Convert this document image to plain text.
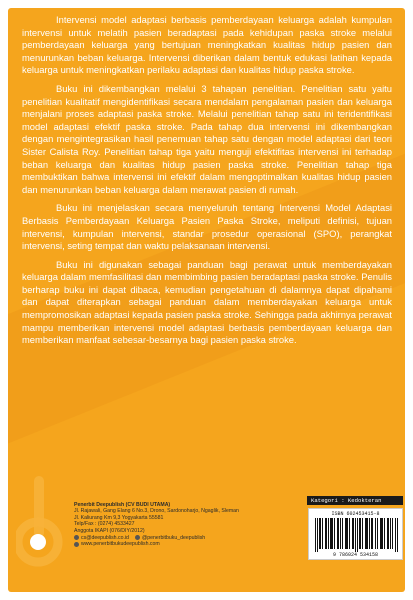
Intervensi model adaptasi berbasis pemberdayaan keluarga adalah kumpulan intervensi untuk melatih pasien beradaptasi pada kehidupan paska stroke melalui pemberdayaan keluarga yang bertujuan meningkatkan kualitas hidup pasien dan menurunkan beban keluarga. Intervensi diberikan dalam bentuk edukasi latihan kepada keluarga untuk meningkatkan perilaku adaptasi dan kualitas hidup paska stroke.

Buku ini dikembangkan melalui 3 tahapan penelitian. Penelitian satu yaitu penelitian kualitatif mengidentifikasi secara mendalam pengalaman pasien dan keluarga menjalani proses adaptasi paska stroke. Melalui penelitian tahap satu ini teridentifikasi model adaptasi efektif paska stroke. Pada tahap dua intervensi ini dikembangkan dengan mengintegrasikan hasil penemuan tahap satu dengan model adaptasi dari teori Sister Calista Roy. Penelitian tahap tiga yaitu menguji efektifitas intervensi ini terhadap beban keluarga dan kualitas hidup pasien paska stroke. Penelitian tahap tiga membuktikan bahwa intervensi ini efektif dalam mengoptimalkan kualitas hidup pasien dan menurunkan beban keluarga dalam merawat pasien di rumah.

Buku ini menjelaskan secara menyeluruh tentang Intervensi Model Adaptasi Berbasis Pemberdayaan Keluarga Pasien Paska Stroke, meliputi definisi, tujuan intervensi, kumpulan intervensi, standar prosedur operasional (SPO), perangkat intervensi, seting tempat dan waktu pelaksanaan intervensi.

Buku ini digunakan sebagai panduan bagi perawat untuk memberdayakan keluarga dalam memfasilitasi dan membimbing pasien beradaptasi paska stroke. Penulis berharap buku ini dapat dibaca, kemudian pengetahuan di dalamnya dapat dipahami dan dapat diterapkan sebagai panduan dalam memberdayakan keluarga untuk mempromosikan adaptasi kepada pasien paska stroke. Sehingga pada akhirnya perawat mampu memberikan intervensi model adaptasi berbasis pemberdayaan keluarga dan memberikan manfaat sebesar-besarnya bagi pasien paska stroke.

Penerbit Deepublish (CV BUDI UTAMA)
Jl. Rajawali, Gang Elang 6 No.3, Drono, Sardonoharjo, Ngaglik, Sleman
Jl. Kaliurang Km 9,3 Yogyakarta 55581
Telp/Fax : (0274) 4533427
Anggota IKAPI (076/DIY/2012)
cs@deepublish.co.id	@penerbitbuku_deepublish
www.penerbitbukudeepublish.com
Kategori : Kedokteran
ISBN 602453415-8
9 786024 534158
